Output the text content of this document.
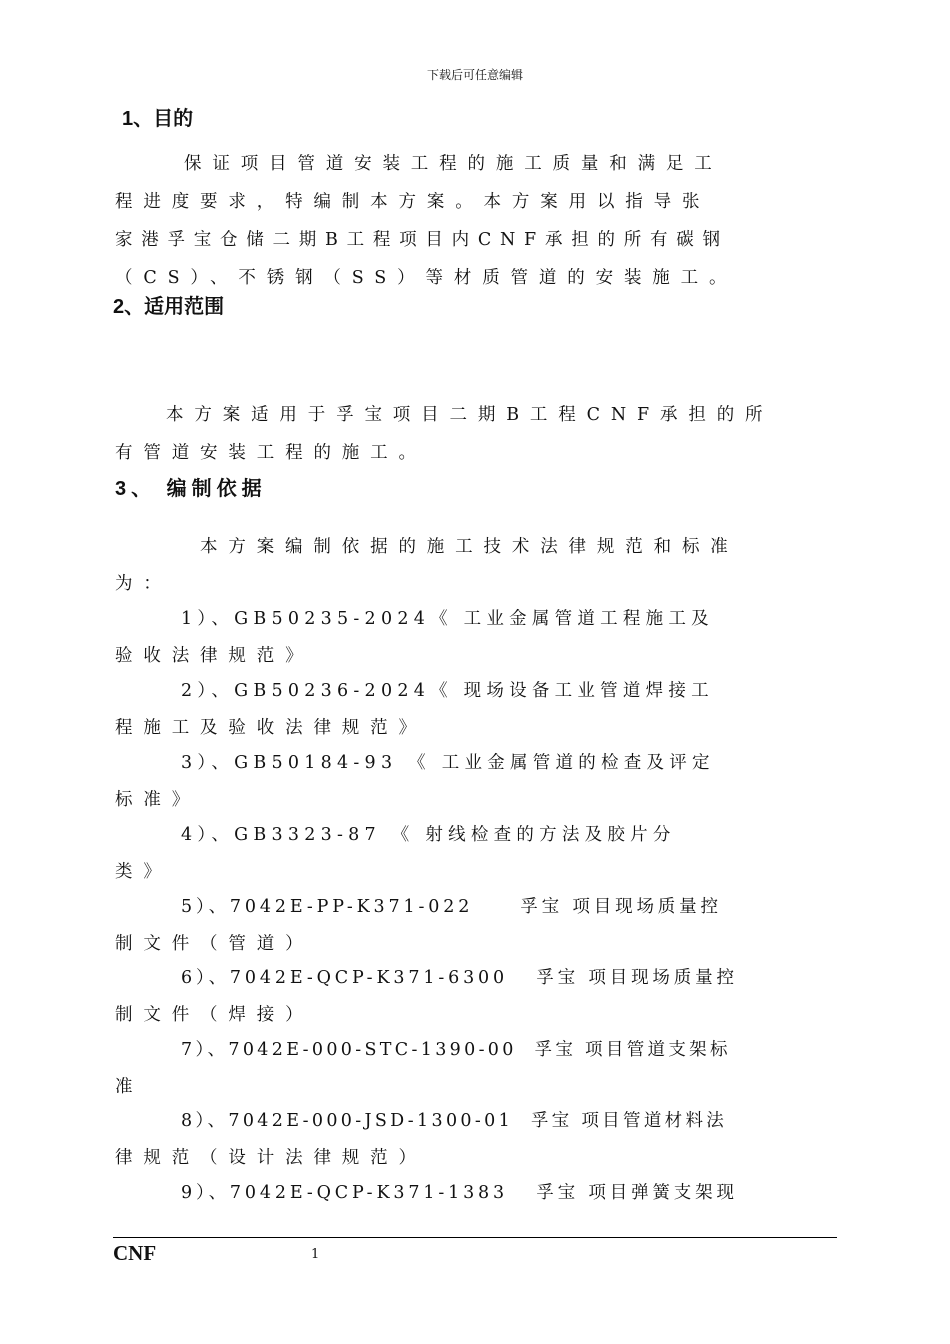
下载后可任意编辑
1、目的
保证项目管道安装工程的施工质量和满足工
程进度要求，特编制本方案。本方案用以指导张
家港孚宝仓储二期B工程项目内CNF承担的所有碳钢
（CS）、不锈钢（SS）等材质管道的安装施工。
2、适用范围
本方案适用于孚宝项目二期B工程CNF承担的所
有管道安装工程的施工。
3、 编制依据
本方案编制依据的施工技术法律规范和标准
为：
1）、GB50235-2024《 工业金属管道工程施工及
验收法律规范》
2）、GB50236-2024《 现场设备工业管道焊接工
程施工及验收法律规范》
3）、GB50184-93 《 工业金属管道的检查及评定
标准》
4）、GB3323-87 《 射线检查的方法及胶片分
类》
5）、7042E-PP-K371-022     孚宝 项目现场质量控
制文件（管道）
6）、7042E-QCP-K371-6300   孚宝 项目现场质量控
制文件（焊接）
7）、7042E-000-STC-1390-00  孚宝 项目管道支架标
准
8）、7042E-000-JSD-1300-01  孚宝 项目管道材料法
律规范（设计法律规范）
9）、7042E-QCP-K371-1383   孚宝 项目弹簧支架现
CNF	1
